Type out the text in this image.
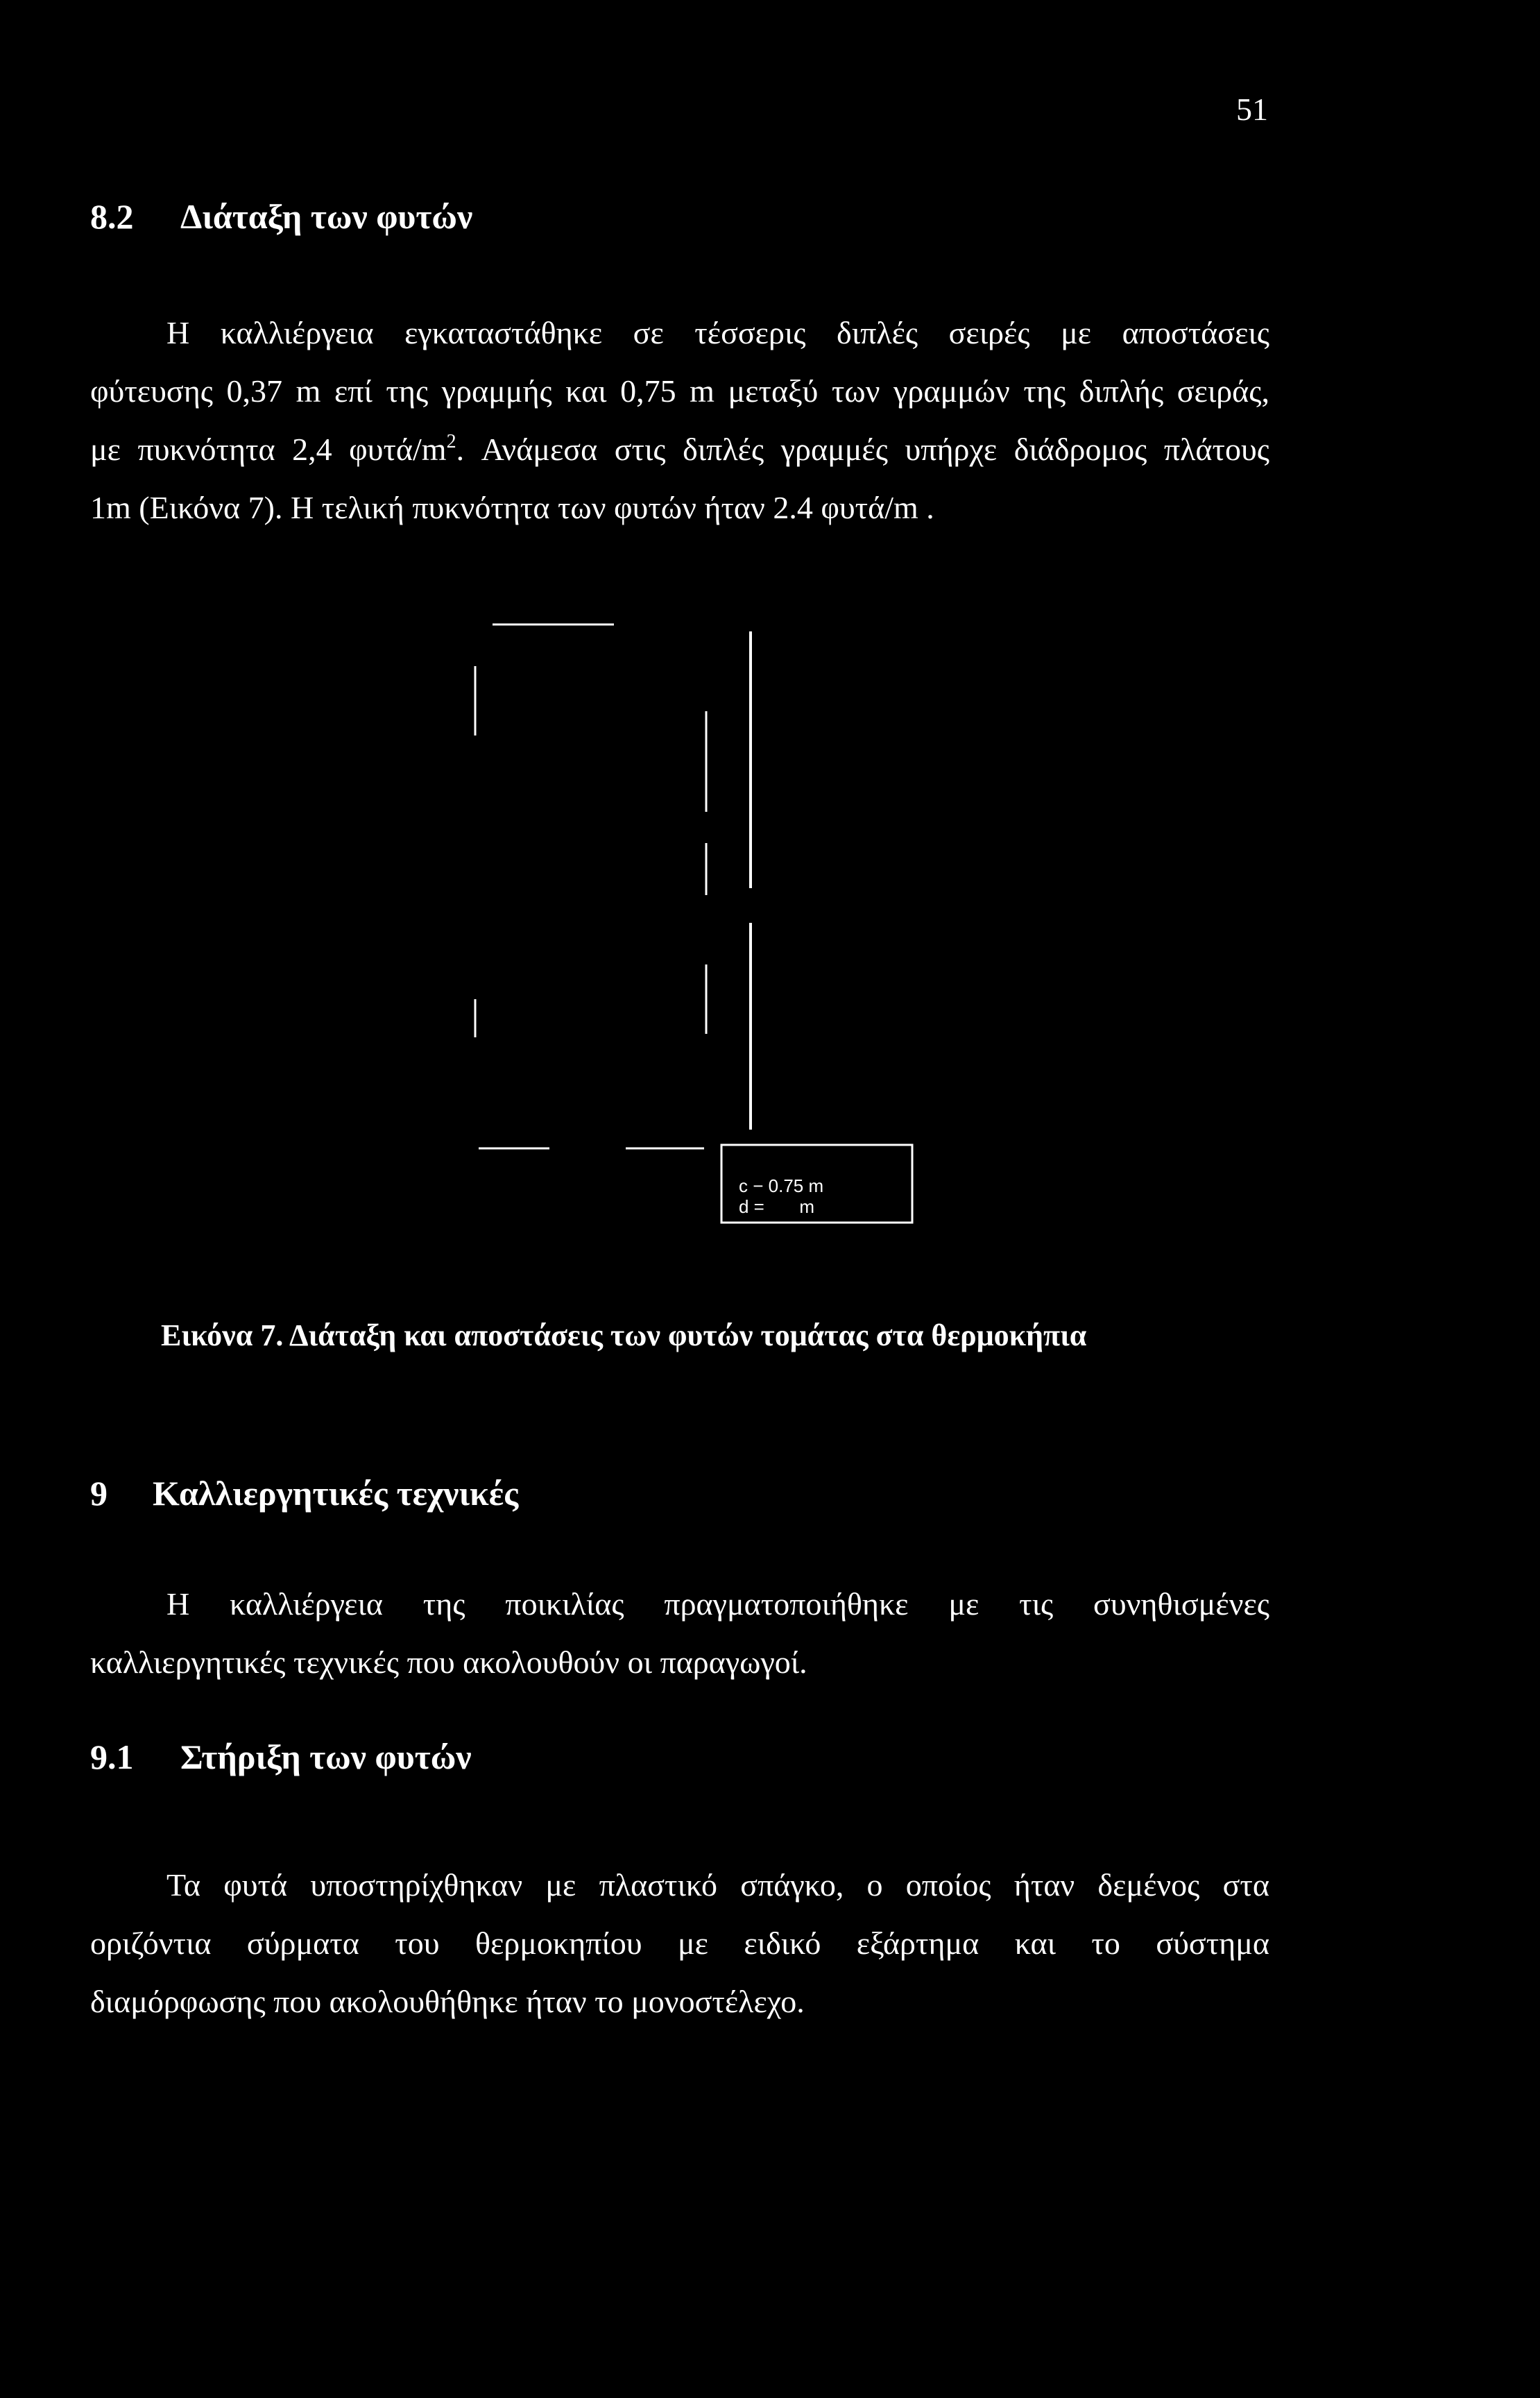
51
8.2 Διάταξη των φυτών
Η καλλιέργεια εγκαταστάθηκε σε τέσσερις διπλές σειρές με αποστάσεις
φύτευσης 0,37 m επί της γραμμής και 0,75 m μεταξύ των γραμμών της διπλής σειράς,
με πυκνότητα 2,4 φυτά/$m^2$. Ανάμεσα στις διπλές γραμμές υπήρχε διάδρομος πλάτους
1m (Εικόνα 7). Η τελική πυκνότητα των φυτών ήταν 2.4 φυτά/m .
c − 0.75 m
d =       m
Εικόνα 7. Διάταξη και αποστάσεις των φυτών τομάτας στα θερμοκήπια
9 Καλλιεργητικές τεχνικές
Η καλλιέργεια της ποικιλίας πραγματοποιήθηκε με τις συνηθισμένες
καλλιεργητικές τεχνικές που ακολουθούν οι παραγωγοί.
9.1 Στήριξη των φυτών
Τα φυτά υποστηρίχθηκαν με πλαστικό σπάγκο, ο οποίος ήταν δεμένος στα
οριζόντια σύρματα του θερμοκηπίου με ειδικό εξάρτημα και το σύστημα
διαμόρφωσης που ακολουθήθηκε ήταν το μονοστέλεχο.
